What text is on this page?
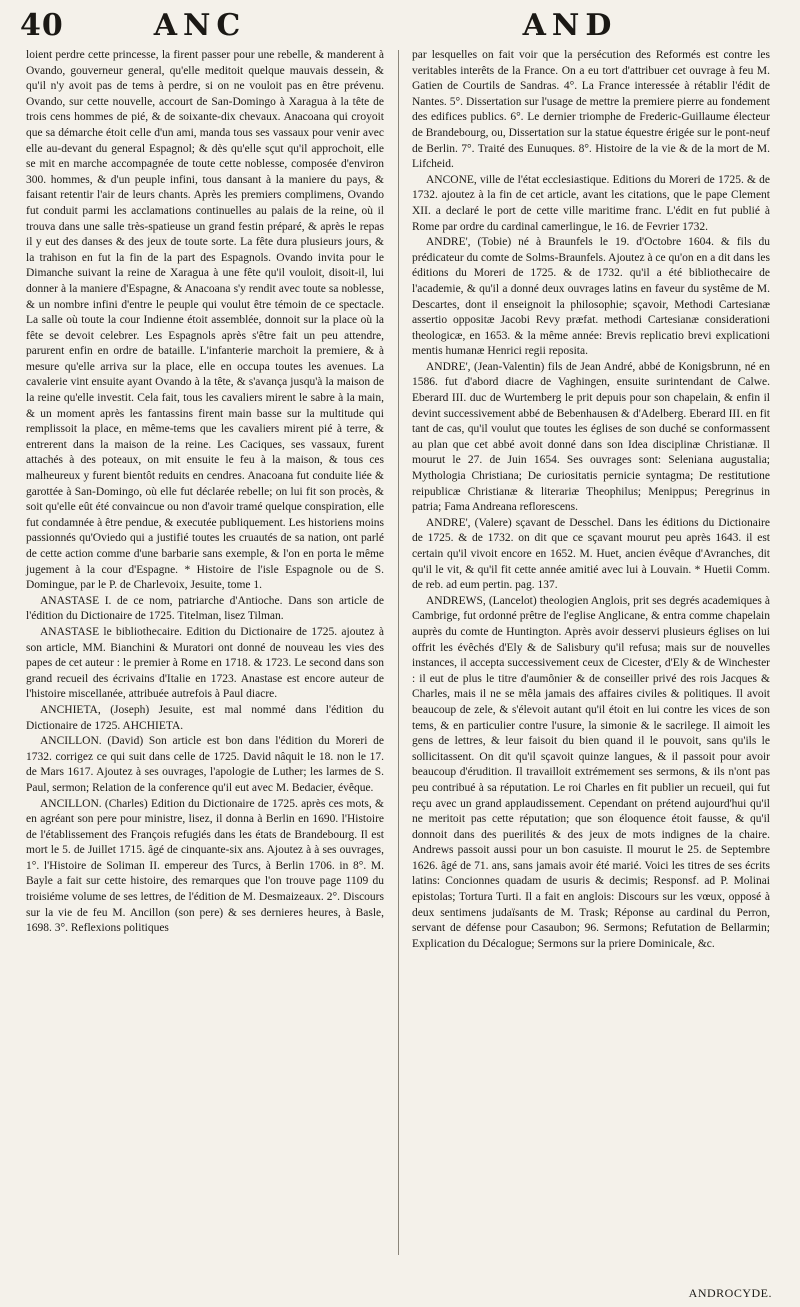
40	ANC	AND

loient perdre cette princesse, la firent passer pour une rebelle, & manderent à Ovando, gouverneur general, qu'elle meditoit quelque mauvais dessein, & qu'il n'y avoit pas de tems à perdre, si on ne vouloit pas en être prévenu. Ovando, sur cette nouvelle, accourt de San-Domingo à Xaragua à la tête de trois cens hommes de pié, & de soixante-dix chevaux. Anacoana qui croyoit que sa démarche étoit celle d'un ami, manda tous ses vassaux pour venir avec elle au-devant du general Espagnol; & dès qu'elle sçut qu'il approchoit, elle se mit en marche accompagnée de toute cette noblesse, composée d'environ 300. hommes, & d'un peuple infini, tous dansant à la maniere du pays, & faisant retentir l'air de leurs chants. Après les premiers complimens, Ovando fut conduit parmi les acclamations continuelles au palais de la reine, où il trouva dans une salle très-spatieuse un grand festin préparé, & après le repas il y eut des danses & des jeux de toute sorte. La fête dura plusieurs jours, & la trahison en fut la fin de la part des Espagnols. Ovando invita pour le Dimanche suivant la reine de Xaragua à une fête qu'il vouloit, disoit-il, lui donner à la maniere d'Espagne, & Anacoana s'y rendit avec toute sa noblesse, & un nombre infini d'entre le peuple qui voulut être témoin de ce spectacle. La salle où toute la cour Indienne étoit assemblée, donnoit sur la place où la fête se devoit celebrer. Les Espagnols après s'être fait un peu attendre, parurent enfin en ordre de bataille. L'infanterie marchoit la premiere, & à mesure qu'elle arriva sur la place, elle en occupa toutes les avenues. La cavalerie vint ensuite ayant Ovando à la tête, & s'avança jusqu'à la maison de la reine qu'elle investit. Cela fait, tous les cavaliers mirent le sabre à la main, & un moment après les fantassins firent main basse sur la multitude qui remplissoit la place, en même-tems que les cavaliers mirent pié à terre, & entrerent dans la maison de la reine. Les Caciques, ses vassaux, furent attachés à des poteaux, on mit ensuite le feu à la maison, & tous ces malheureux y furent bientôt reduits en cendres. Anacoana fut conduite liée & garottée à San-Domingo, où elle fut déclarée rebelle; on lui fit son procès, & soit qu'elle eût été convaincue ou non d'avoir tramé quelque conspiration, elle fut condamnée à être pendue, & executée publiquement. Les historiens moins passionnés qu'Oviedo qui a justifié toutes les cruautés de sa nation, ont parlé de cette action comme d'une barbarie sans exemple, & l'on en porta le même jugement à la cour d'Espagne. * Histoire de l'isle Espagnole ou de S. Domingue, par le P. de Charlevoix, Jesuite, tome 1.

ANASTASE I. de ce nom, patriarche d'Antioche. Dans son article de l'édition du Dictionaire de 1725. Titelman, lisez Tilman.

ANASTASE le bibliothecaire. Edition du Dictionaire de 1725. ajoutez à son article, MM. Bianchini & Muratori ont donné de nouveau les vies des papes de cet auteur : le premier à Rome en 1718. & 1723. Le second dans son grand recueil des écrivains d'Italie en 1723. Anastase est encore auteur de l'histoire miscellanée, attribuée autrefois à Paul diacre.

ANCHIETA, (Joseph) Jesuite, est mal nommé dans l'édition du Dictionaire de 1725. AHCHIETA.

ANCILLON. (David) Son article est bon dans l'édition du Moreri de 1732. corrigez ce qui suit dans celle de 1725. David nâquit le 18. non le 17. de Mars 1617. Ajoutez à ses ouvrages, l'apologie de Luther; les larmes de S. Paul, sermon; Relation de la conference qu'il eut avec M. Bedacier, évêque.

ANCILLON. (Charles) Edition du Dictionaire de 1725. après ces mots, & en agréant son pere pour ministre, lisez, il donna à Berlin en 1690. l'Histoire de l'établissement des François refugiés dans les états de Brandebourg. Il est mort le 5. de Juillet 1715. âgé de cinquante-six ans. Ajoutez à à ses ouvrages, 1°. l'Histoire de Soliman II. empereur des Turcs, à Berlin 1706. in 8°. M. Bayle a fait sur cette histoire, des remarques que l'on trouve page 1109 du troisiéme volume de ses lettres, de l'édition de M. Desmaizeaux. 2°. Discours sur la vie de feu M. Ancillon (son pere) & ses dernieres heures, à Basle, 1698. 3°. Reflexions politiques

par lesquelles on fait voir que la persécution des Reformés est contre les veritables interêts de la France. On a eu tort d'attribuer cet ouvrage à feu M. Gatien de Courtils de Sandras. 4°. La France interessée à rétablir l'édit de Nantes. 5°. Dissertation sur l'usage de mettre la premiere pierre au fondement des edifices publics. 6°. Le dernier triomphe de Frederic-Guillaume électeur de Brandebourg, ou, Dissertation sur la statue équestre érigée sur le pont-neuf de Berlin. 7°. Traité des Eunuques. 8°. Histoire de la vie & de la mort de M. Lifcheid.

ANCONE, ville de l'état ecclesiastique. Editions du Moreri de 1725. & de 1732. ajoutez à la fin de cet article, avant les citations, que le pape Clement XII. a declaré le port de cette ville maritime franc. L'édit en fut publié à Rome par ordre du cardinal camerlingue, le 16. de Fevrier 1732.

ANDRE', (Tobie) né à Braunfels le 19. d'Octobre 1604. & fils du prédicateur du comte de Solms-Braunfels. Ajoutez à ce qu'on en a dit dans les éditions du Moreri de 1725. & de 1732. qu'il a été bibliothecaire de l'academie, & qu'il a donné deux ouvrages latins en faveur du systême de M. Descartes, dont il enseignoit la philosophie; sçavoir, Methodi Cartesianæ assertio oppositæ Jacobi Revy præfat. methodi Cartesianæ considerationi theologicæ, en 1653. & la même année: Brevis replicatio brevi explicationi mentis humanæ Henrici regii reposita.

ANDRE', (Jean-Valentin) fils de Jean André, abbé de Konigsbrunn, né en 1586. fut d'abord diacre de Vaghingen, ensuite surintendant de Calwe. Eberard III. duc de Wurtemberg le prit depuis pour son chapelain, & enfin il devint successivement abbé de Bebenhausen & d'Adelberg. Eberard III. en fit tant de cas, qu'il voulut que toutes les églises de son duché se conformassent au plan que cet abbé avoit donné dans son Idea disciplinæ Christianæ. Il mourut le 27. de Juin 1654. Ses ouvrages sont: Seleniana augustalia; Mythologia Christiana; De curiositatis pernicie syntagma; De restitutione reipublicæ Christianæ & literariæ Theophilus; Menippus; Peregrinus in patria; Fama Andreana reflorescens.

ANDRE', (Valere) sçavant de Desschel. Dans les éditions du Dictionaire de 1725. & de 1732. on dit que ce sçavant mourut peu après 1643. il est certain qu'il vivoit encore en 1652. M. Huet, ancien évêque d'Avranches, dit qu'il le vit, & qu'il fit cette année amitié avec lui à Louvain. * Huetii Comm. de reb. ad eum pertin. pag. 137.

ANDREWS, (Lancelot) theologien Anglois, prit ses degrés academiques à Cambrige, fut ordonné prêtre de l'eglise Anglicane, & entra comme chapelain auprès du comte de Huntington. Après avoir desservi plusieurs églises on lui offrit les évêchés d'Ely & de Salisbury qu'il refusa; mais sur de nouvelles instances, il accepta successivement ceux de Cicester, d'Ely & de Winchester : il eut de plus le titre d'aumônier & de conseiller privé des rois Jacques & Charles, mais il ne se mêla jamais des affaires civiles & politiques. Il avoit beaucoup de zele, & s'élevoit autant qu'il étoit en lui contre les vices de son tems, & en particulier contre l'usure, la simonie & le sacrilege. Il aimoit les gens de lettres, & leur faisoit du bien quand il le pouvoit, sans qu'ils le sollicitassent. On dit qu'il sçavoit quinze langues, & il passoit pour avoir beaucoup d'érudition. Il travailloit extrémement ses sermons, & ils n'ont pas peu contribué à sa réputation. Le roi Charles en fit publier un recueil, qui fut reçu avec un grand applaudissement. Cependant on prétend aujourd'hui qu'il ne meritoit pas cette réputation; que son éloquence étoit fausse, & qu'il donnoit dans des puerilités & des jeux de mots indignes de la chaire. Andrews passoit aussi pour un bon casuiste. Il mourut le 25. de Septembre 1626. âgé de 71. ans, sans jamais avoir été marié. Voici les titres de ses écrits latins: Concionnes quadam de usuris & decimis; Responsf. ad P. Molinai epistolas; Tortura Turti. Il a fait en anglois: Discours sur les vœux, opposé à deux sentimens judaïsants de M. Trask; Réponse au cardinal du Perron, servant de défense pour Casaubon; 96. Sermons; Refutation de Bellarmin; Explication du Décalogue; Sermons sur la priere Dominicale, &c.

ANDROCYDE.
